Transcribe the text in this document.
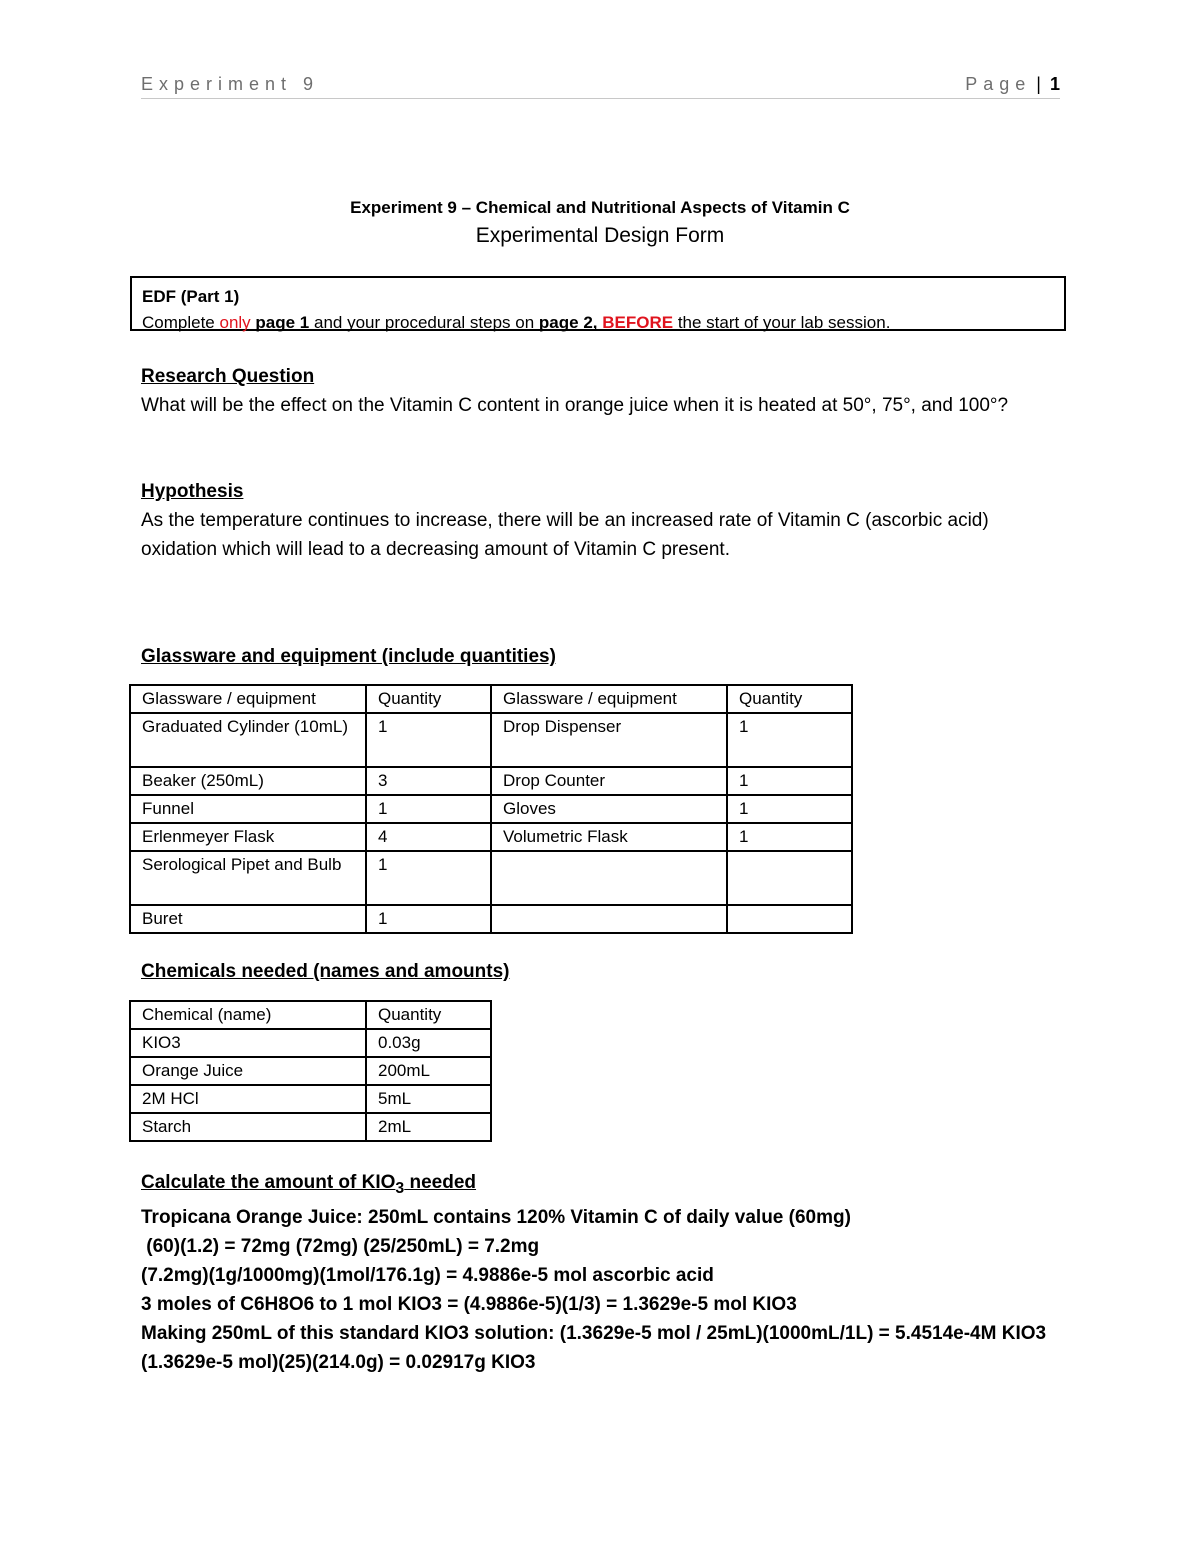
Experiment 9	Page | 1
Experiment 9 – Chemical and Nutritional Aspects of Vitamin C
Experimental Design Form
EDF (Part 1)
Complete only page 1 and your procedural steps on page 2, BEFORE the start of your lab session.
Research Question
What will be the effect on the Vitamin C content in orange juice when it is heated at 50°, 75°, and 100°?
Hypothesis
As the temperature continues to increase, there will be an increased rate of Vitamin C (ascorbic acid) oxidation which will lead to a decreasing amount of Vitamin C present.
Glassware and equipment (include quantities)
Glassware / equipment	Quantity	Glassware / equipment	Quantity
Graduated Cylinder (10mL)	1	Drop Dispenser	1
Beaker (250mL)	3	Drop Counter	1
Funnel	1	Gloves	1
Erlenmeyer Flask	4	Volumetric Flask	1
Serological Pipet and Bulb	1		
Buret	1		
Chemicals needed (names and amounts)
Chemical (name)	Quantity
KIO3	0.03g
Orange Juice	200mL
2M HCl	5mL
Starch	2mL
Calculate the amount of $KIO_3$ needed
Tropicana Orange Juice: 250mL contains 120% Vitamin C of daily value (60mg)
(60)(1.2) = 72mg (72mg) (25/250mL) = 7.2mg
(7.2mg)(1g/1000mg)(1mol/176.1g) = 4.9886e-5 mol ascorbic acid
3 moles of C6H8O6 to 1 mol KIO3 = (4.9886e-5)(1/3) = 1.3629e-5 mol KIO3
Making 250mL of this standard KIO3 solution: (1.3629e-5 mol / 25mL)(1000mL/1L) = 5.4514e-4M KIO3
(1.3629e-5 mol)(25)(214.0g) = 0.02917g KIO3
